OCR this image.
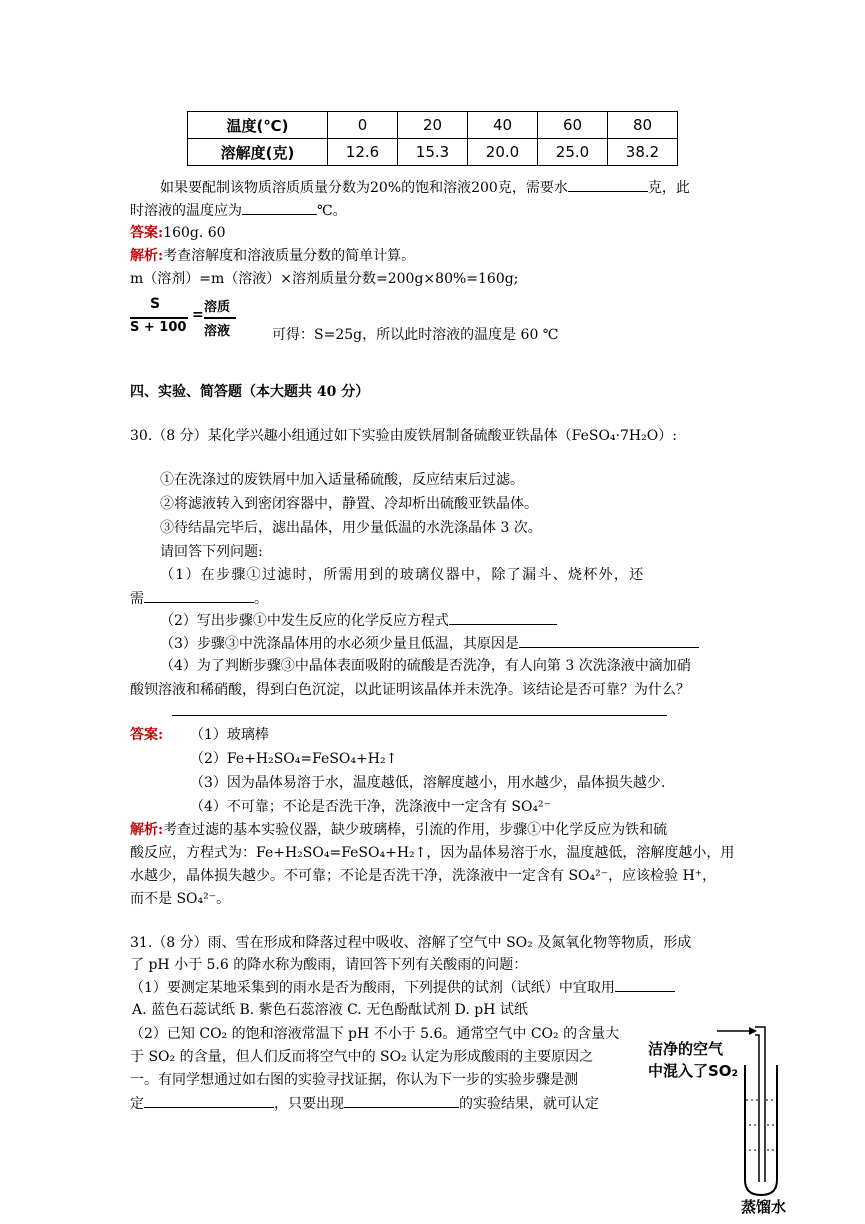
温度(℃)	0	20	40	60	80
溶解度(克)	12.6	15.3	20.0	25.0	38.2
如果要配制该物质溶质质量分数为20%的饱和溶液200克，需要水	克，此
时溶液的温度应为	℃。
答案:160g. 60
解析:考查溶解度和溶液质量分数的简单计算。
m（溶剂）=m（溶液）×溶剂质量分数=200g×80%=160g;
S
S + 100
= 溶质
溶液	可得：S=25g，所以此时溶液的温度是 60 ℃
四、实验、简答题（本大题共 40 分）
30.（8 分）某化学兴趣小组通过如下实验由废铁屑制备硫酸亚铁晶体（FeSO₄·7H₂O）:
①在洗涤过的废铁屑中加入适量稀硫酸，反应结束后过滤。
②将滤液转入到密闭容器中，静置、冷却析出硫酸亚铁晶体。
③待结晶完毕后，滤出晶体，用少量低温的水洗涤晶体 3 次。
请回答下列问题:
（1）在步骤①过滤时，所需用到的玻璃仪器中，除了漏斗、烧杯外，还
需	。
（2）写出步骤①中发生反应的化学反应方程式
（3）步骤③中洗涤晶体用的水必须少量且低温，其原因是
（4）为了判断步骤③中晶体表面吸附的硫酸是否洗净，有人向第 3 次洗涤液中滴加硝
酸钡溶液和稀硝酸，得到白色沉淀，以此证明该晶体并未洗净。该结论是否可靠？为什么？
答案: （1）玻璃棒
（2）Fe+H₂SO₄=FeSO₄+H₂↑
（3）因为晶体易溶于水，温度越低，溶解度越小，用水越少，晶体损失越少.
（4）不可靠；不论是否洗干净，洗涤液中一定含有 SO₄²⁻
解析:考查过滤的基本实验仪器，缺少玻璃棒，引流的作用，步骤①中化学反应为铁和硫
酸反应，方程式为：Fe+H₂SO₄=FeSO₄+H₂↑，因为晶体易溶于水，温度越低，溶解度越小，用
水越少，晶体损失越少。不可靠；不论是否洗干净，洗涤液中一定含有 SO₄²⁻，应该检验 H⁺，
而不是 SO₄²⁻。
31.（8 分）雨、雪在形成和降落过程中吸收、溶解了空气中 SO₂ 及氮氧化物等物质，形成
了 pH 小于 5.6 的降水称为酸雨，请回答下列有关酸雨的问题：
（1）要测定某地采集到的雨水是否为酸雨，下列提供的试剂（试纸）中宜取用
A. 蓝色石蕊试纸 B. 紫色石蕊溶液 C. 无色酚酞试剂 D. pH 试纸
（2）已知 CO₂ 的饱和溶液常温下 pH 不小于 5.6。通常空气中 CO₂ 的含量大
于 SO₂ 的含量，但人们反而将空气中的 SO₂ 认定为形成酸雨的主要原因之
一。有同学想通过如右图的实验寻找证据，你认为下一步的实验步骤是测
定	，只要出现	的实验结果，就可认定
洁净的空气
中混入了SO₂
蒸馏水
